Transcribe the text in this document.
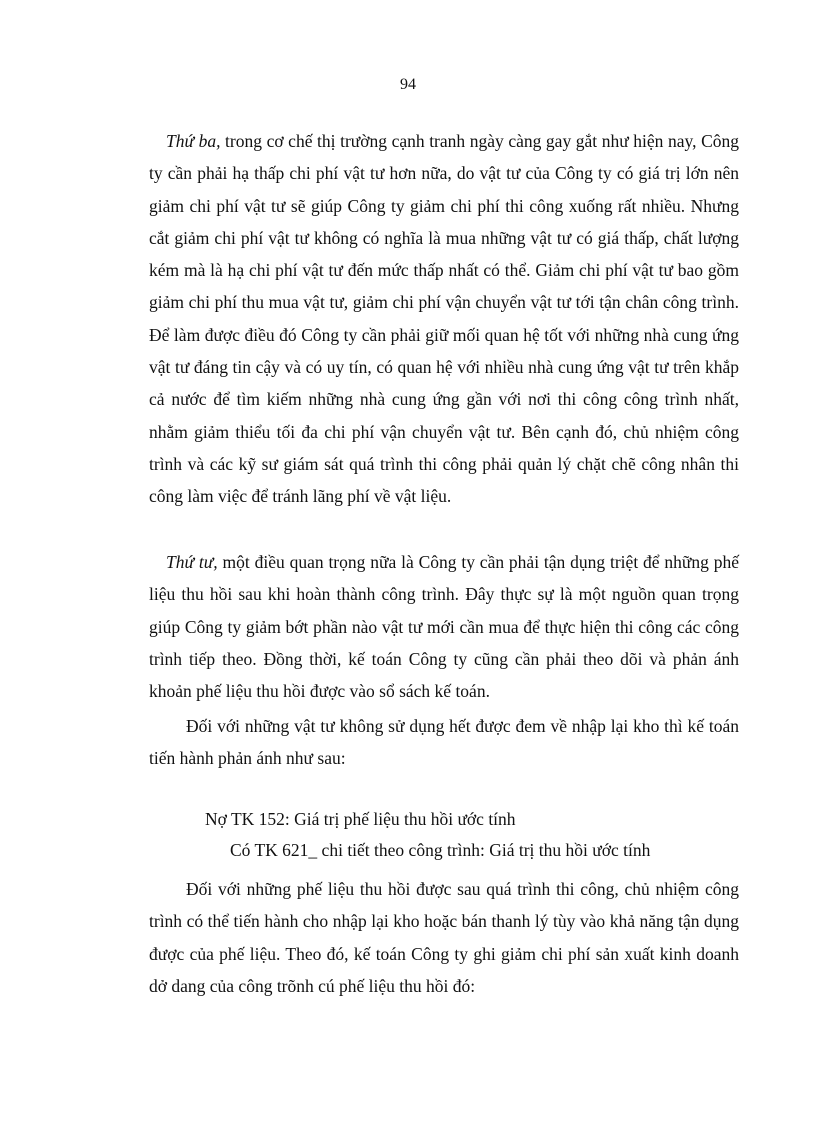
94

Thứ ba, trong cơ chế thị trường cạnh tranh ngày càng gay gắt như hiện nay, Công ty cần phải hạ thấp chi phí vật tư hơn nữa, do vật tư của Công ty có giá trị lớn nên giảm chi phí vật tư sẽ giúp Công ty giảm chi phí thi công xuống rất nhiều. Nhưng cắt giảm chi phí vật tư không có nghĩa là mua những vật tư có giá thấp, chất lượng kém mà là hạ chi phí vật tư đến mức thấp nhất có thể. Giảm chi phí vật tư bao gồm giảm chi phí thu mua vật tư, giảm chi phí vận chuyển vật tư tới tận chân công trình. Để làm được điều đó Công ty cần phải giữ mối quan hệ tốt với những nhà cung ứng vật tư đáng tin cậy và có uy tín, có quan hệ với nhiều nhà cung ứng vật tư trên khắp cả nước để tìm kiếm những nhà cung ứng gần với nơi thi công công trình nhất, nhằm giảm thiểu tối đa chi phí vận chuyển vật tư. Bên cạnh đó, chủ nhiệm công trình và các kỹ sư giám sát quá trình thi công phải quản lý chặt chẽ công nhân thi công làm việc để tránh lãng phí về vật liệu.

Thứ tư, một điều quan trọng nữa là Công ty cần phải tận dụng triệt để những phế liệu thu hồi sau khi hoàn thành công trình. Đây thực sự là một nguồn quan trọng giúp Công ty giảm bớt phần nào vật tư mới cần mua để thực hiện thi công các công trình tiếp theo. Đồng thời, kế toán Công ty cũng cần phải theo dõi và phản ánh khoản phế liệu thu hồi được vào sổ sách kế toán.

Đối với những vật tư không sử dụng hết được đem về nhập lại kho thì kế toán tiến hành phản ánh như sau:

Nợ TK 152: Giá trị phế liệu thu hồi ước tính

Có TK 621_ chi tiết theo công trình: Giá trị thu hồi ước tính

Đối với những phế liệu thu hồi được sau quá trình thi công, chủ nhiệm công trình có thể tiến hành cho nhập lại kho hoặc bán thanh lý tùy vào khả năng tận dụng được của phế liệu. Theo đó, kế toán Công ty ghi giảm chi phí sản xuất kinh doanh dở dang của công trõnh cú phế liệu thu hồi đó:
